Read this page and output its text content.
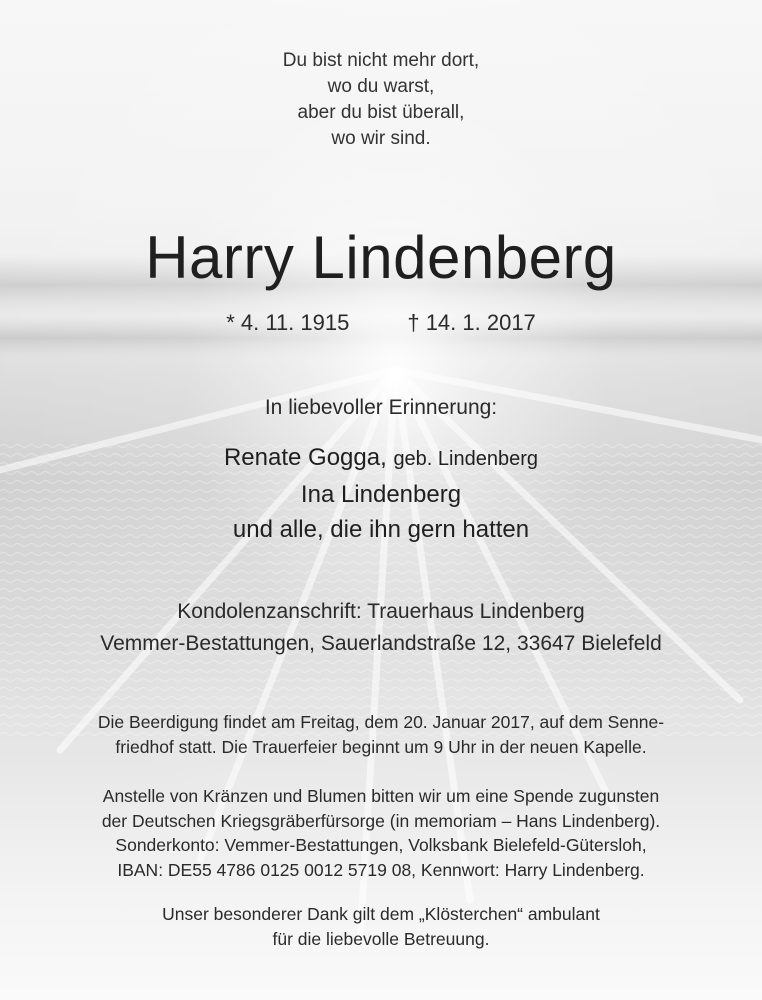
Du bist nicht mehr dort,
wo du warst,
aber du bist überall,
wo wir sind.
Harry Lindenberg
* 4. 11. 1915	† 14. 1. 2017
In liebevoller Erinnerung:
Renate Gogga, geb. Lindenberg
Ina Lindenberg
und alle, die ihn gern hatten
Kondolenzanschrift: Trauerhaus Lindenberg
Vemmer-Bestattungen, Sauerlandstraße 12, 33647 Bielefeld
Die Beerdigung findet am Freitag, dem 20. Januar 2017, auf dem Senne-
friedhof statt. Die Trauerfeier beginnt um 9 Uhr in der neuen Kapelle.
Anstelle von Kränzen und Blumen bitten wir um eine Spende zugunsten
der Deutschen Kriegsgräberfürsorge (in memoriam – Hans Lindenberg).
Sonderkonto: Vemmer-Bestattungen, Volksbank Bielefeld-Gütersloh,
IBAN: DE55 4786 0125 0012 5719 08, Kennwort: Harry Lindenberg.
Unser besonderer Dank gilt dem „Klösterchen“ ambulant
für die liebevolle Betreuung.
